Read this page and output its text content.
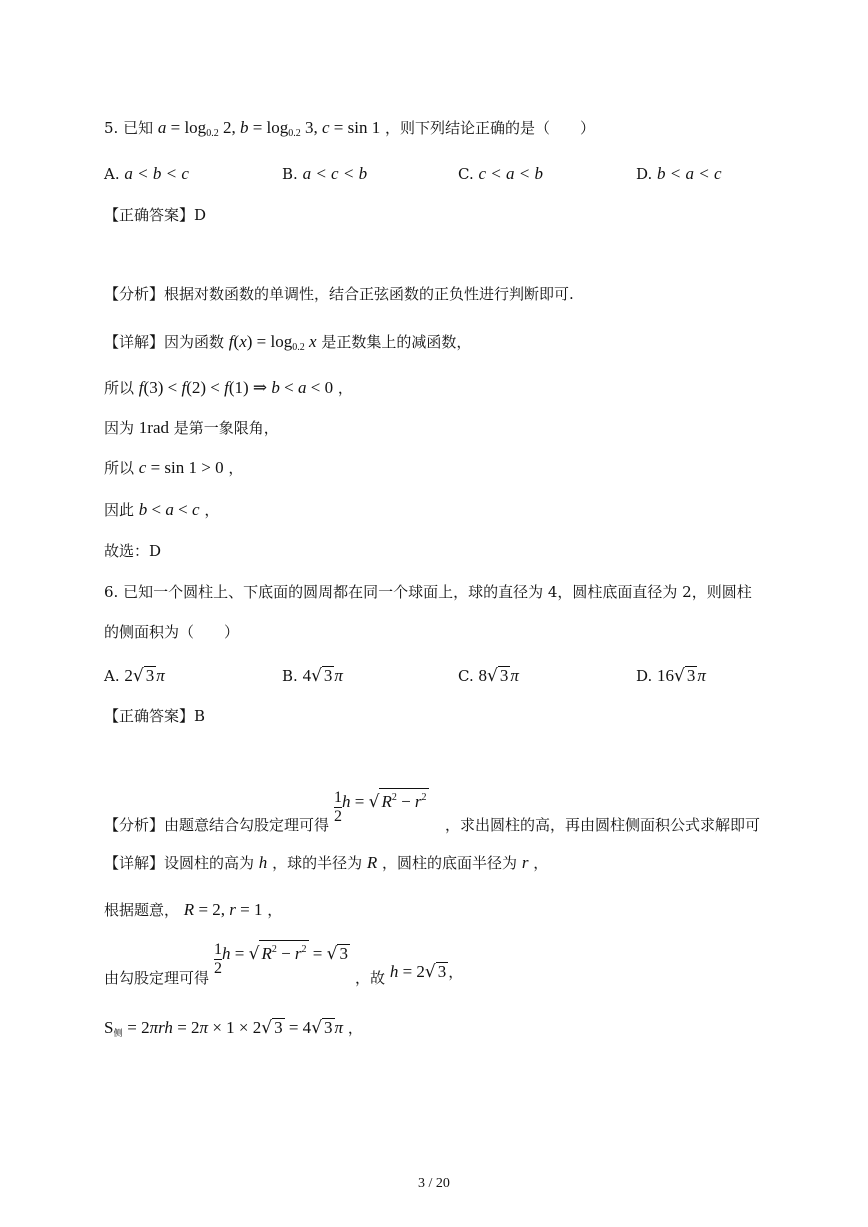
5. 已知 $a = \log_{0.2} 2$, $b = \log_{0.2} 3$, c = sin 1 ，则下列结论正确的是（　　）
A. a < b < c	B. a < c < b	C. c < a < b	D. b < a < c
【正确答案】D
【分析】根据对数函数的单调性，结合正弦函数的正负性进行判断即可.
【详解】因为函数 $f(x) = \log_{0.2} x$ 是正数集上的减函数，
所以 f(3) < f(2) < f(1) ⇒ b < a < 0 ，
因为 1rad 是第一象限角，
所以 c = sin 1 > 0 ，
因此 b < a < c ，
故选：D
6. 已知一个圆柱上、下底面的圆周都在同一个球面上，球的直径为 4，圆柱底面直径为 2，则圆柱
的侧面积为（　　）
A. 2√ 3 π	B. 4√ 3 π	C. 8√ 3 π	D. 16√ 3 π
【正确答案】B
$\frac{1}{2}$ h = √ $R^2 - r^2$
【分析】由题意结合勾股定理可得	，求出圆柱的高，再由圆柱侧面积公式求解即可
【详解】设圆柱的高为 h ，球的半径为 R ，圆柱的底面半径为 r ，
根据题意， R = 2, r = 1 ，
$\frac{1}{2}$ h = √ $R^2 - r^2$ = √ 3
由勾股定理可得	，故 h = 2√ 3 ，
$S_侧 = 2\pi rh = 2\pi \times 1 \times 2√$ 3 = 4√ 3 π ，
3 / 20
